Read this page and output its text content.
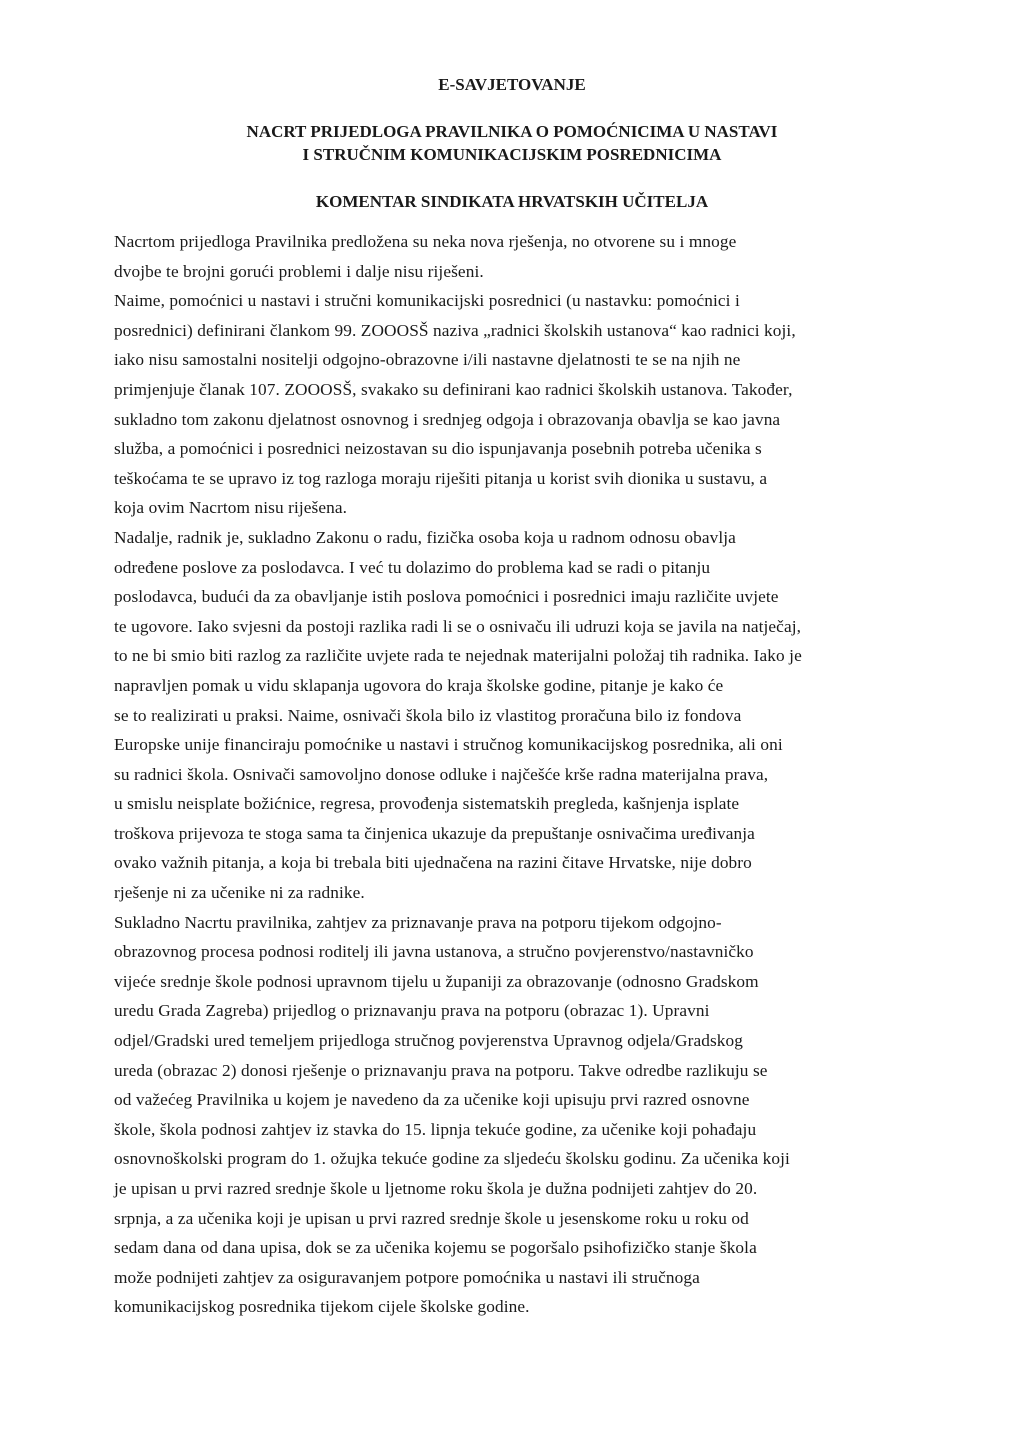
E-SAVJETOVANJE
NACRT PRIJEDLOGA PRAVILNIKA O POMOĆNICIMA U NASTAVI
I STRUČNIM KOMUNIKACIJSKIM POSREDNICIMA
KOMENTAR SINDIKATA HRVATSKIH UČITELJA
Nacrtom prijedloga Pravilnika predložena su neka nova rješenja, no otvorene su i mnoge
dvojbe te brojni gorući problemi i dalje nisu riješeni.
Naime, pomoćnici u nastavi i stručni komunikacijski posrednici (u nastavku: pomoćnici i
posrednici) definirani člankom 99. ZOOOSŠ naziva „radnici školskih ustanova“ kao radnici koji,
iako nisu samostalni nositelji odgojno-obrazovne i/ili nastavne djelatnosti te se na njih ne
primjenjuje članak 107. ZOOOSŠ, svakako su definirani kao radnici školskih ustanova. Također,
sukladno tom zakonu djelatnost osnovnog i srednjeg odgoja i obrazovanja obavlja se kao javna
služba, a pomoćnici i posrednici neizostavan su dio ispunjavanja posebnih potreba učenika s
teškoćama te se upravo iz tog razloga moraju riješiti pitanja u korist svih dionika u sustavu, a
koja ovim Nacrtom nisu riješena.
Nadalje, radnik je, sukladno Zakonu o radu, fizička osoba koja u radnom odnosu obavlja
određene poslove za poslodavca. I već tu dolazimo do problema kad se radi o pitanju
poslodavca, budući da za obavljanje istih poslova pomoćnici i posrednici imaju različite uvjete
te ugovore. Iako svjesni da postoji razlika radi li se o osnivaču ili udruzi koja se javila na natječaj,
to ne bi smio biti razlog za različite uvjete rada te nejednak materijalni položaj tih radnika. Iako je
napravljen pomak u vidu sklapanja ugovora do kraja školske godine, pitanje je kako će
se to realizirati u praksi. Naime, osnivači škola bilo iz vlastitog proračuna bilo iz fondova
Europske unije financiraju pomoćnike u nastavi i stručnog komunikacijskog posrednika, ali oni
su radnici škola. Osnivači samovoljno donose odluke i najčešće krše radna materijalna prava,
u smislu neisplate božićnice, regresa, provođenja sistematskih pregleda, kašnjenja isplate
troškova prijevoza te stoga sama ta činjenica ukazuje da prepuštanje osnivačima uređivanja
ovako važnih pitanja, a koja bi trebala biti ujednačena na razini čitave Hrvatske, nije dobro
rješenje ni za učenike ni za radnike.
Sukladno Nacrtu pravilnika, zahtjev za priznavanje prava na potporu tijekom odgojno-
obrazovnog procesa podnosi roditelj ili javna ustanova, a stručno povjerenstvo/nastavničko
vijeće srednje škole podnosi upravnom tijelu u županiji za obrazovanje (odnosno Gradskom
uredu Grada Zagreba) prijedlog o priznavanju prava na potporu (obrazac 1). Upravni
odjel/Gradski ured temeljem prijedloga stručnog povjerenstva Upravnog odjela/Gradskog
ureda (obrazac 2) donosi rješenje o priznavanju prava na potporu. Takve odredbe razlikuju se
od važećeg Pravilnika u kojem je navedeno da za učenike koji upisuju prvi razred osnovne
škole, škola podnosi zahtjev iz stavka do 15. lipnja tekuće godine, za učenike koji pohađaju
osnovnoškolski program do 1. ožujka tekuće godine za sljedeću školsku godinu. Za učenika koji
je upisan u prvi razred srednje škole u ljetnome roku škola je dužna podnijeti zahtjev do 20.
srpnja, a za učenika koji je upisan u prvi razred srednje škole u jesenskome roku u roku od
sedam dana od dana upisa, dok se za učenika kojemu se pogoršalo psihofizičko stanje škola
može podnijeti zahtjev za osiguravanjem potpore pomoćnika u nastavi ili stručnoga
komunikacijskog posrednika tijekom cijele školske godine.
